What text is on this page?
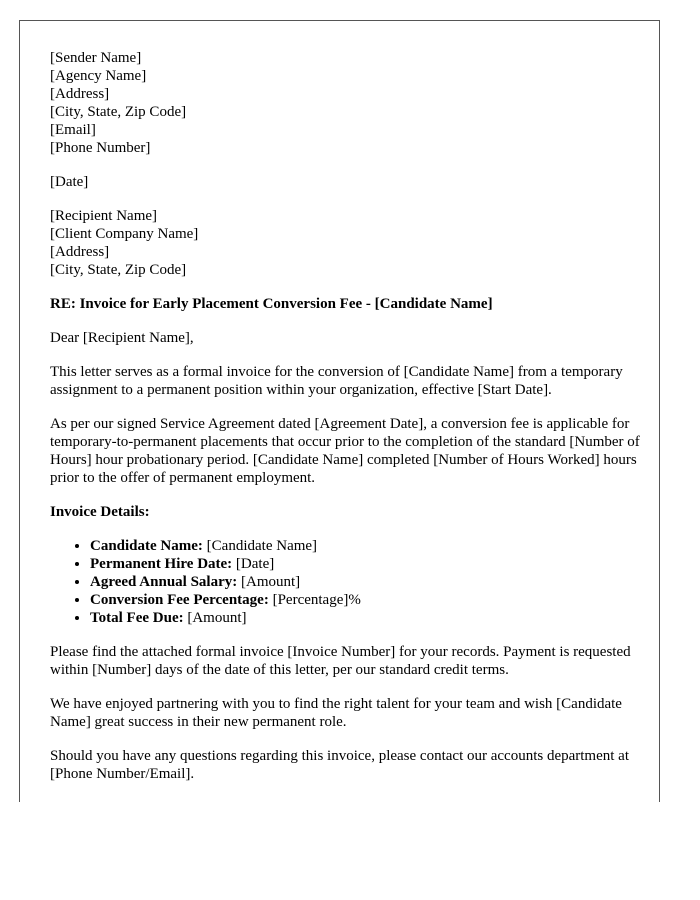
[Sender Name]
[Agency Name]
[Address]
[City, State, Zip Code]
[Email]
[Phone Number]
[Date]
[Recipient Name]
[Client Company Name]
[Address]
[City, State, Zip Code]

RE: Invoice for Early Placement Conversion Fee - [Candidate Name]

Dear [Recipient Name],

This letter serves as a formal invoice for the conversion of [Candidate Name] from a temporary assignment to a permanent position within your organization, effective [Start Date].

As per our signed Service Agreement dated [Agreement Date], a conversion fee is applicable for temporary-to-permanent placements that occur prior to the completion of the standard [Number of Hours] hour probationary period. [Candidate Name] completed [Number of Hours Worked] hours prior to the offer of permanent employment.

Invoice Details:

• Candidate Name: [Candidate Name]
• Permanent Hire Date: [Date]
• Agreed Annual Salary: [Amount]
• Conversion Fee Percentage: [Percentage]%
• Total Fee Due: [Amount]

Please find the attached formal invoice [Invoice Number] for your records. Payment is requested within [Number] days of the date of this letter, per our standard credit terms.

We have enjoyed partnering with you to find the right talent for your team and wish [Candidate Name] great success in their new permanent role.

Should you have any questions regarding this invoice, please contact our accounts department at [Phone Number/Email].
